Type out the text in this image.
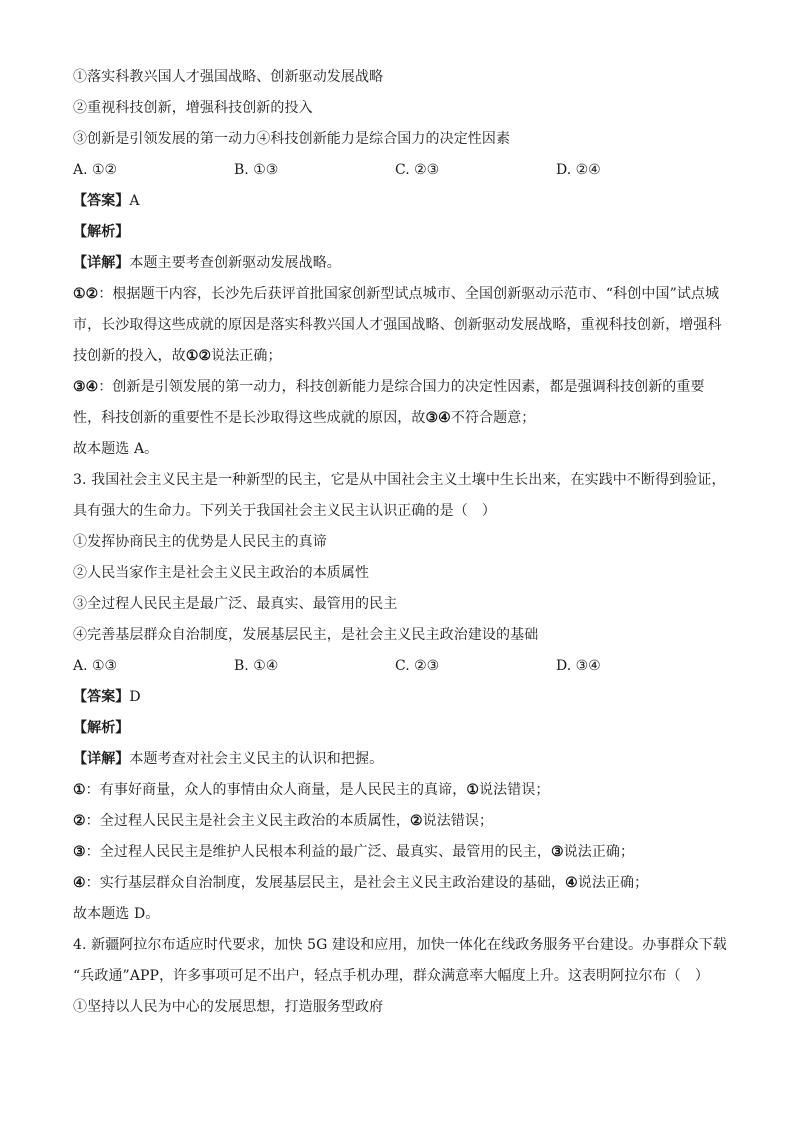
①落实科教兴国人才强国战略、创新驱动发展战略
②重视科技创新，增强科技创新的投入
③创新是引领发展的第一动力④科技创新能力是综合国力的决定性因素
A. ①②	B. ①③	C. ②③	D. ②④
【答案】A
【解析】
【详解】本题主要考查创新驱动发展战略。
①②：根据题干内容，长沙先后获评首批国家创新型试点城市、全国创新驱动示范市、“科创中国”试点城
市，长沙取得这些成就的原因是落实科教兴国人才强国战略、创新驱动发展战略，重视科技创新，增强科
技创新的投入，故①②说法正确；
③④：创新是引领发展的第一动力，科技创新能力是综合国力的决定性因素，都是强调科技创新的重要
性，科技创新的重要性不是长沙取得这些成就的原因，故③④不符合题意；
故本题选 A。
3. 我国社会主义民主是一种新型的民主，它是从中国社会主义土壤中生长出来，在实践中不断得到验证，
具有强大的生命力。下列关于我国社会主义民主认识正确的是（　）
①发挥协商民主的优势是人民民主的真谛
②人民当家作主是社会主义民主政治的本质属性
③全过程人民民主是最广泛、最真实、最管用的民主
④完善基层群众自治制度，发展基层民主，是社会主义民主政治建设的基础
A. ①③	B. ①④	C. ②③	D. ③④
【答案】D
【解析】
【详解】本题考查对社会主义民主的认识和把握。
①：有事好商量，众人的事情由众人商量，是人民民主的真谛，①说法错误；
②：全过程人民民主是社会主义民主政治的本质属性，②说法错误；
③：全过程人民民主是维护人民根本利益的最广泛、最真实、最管用的民主，③说法正确；
④：实行基层群众自治制度，发展基层民主，是社会主义民主政治建设的基础，④说法正确；
故本题选 D。
4. 新疆阿拉尔布适应时代要求，加快 5G 建设和应用，加快一体化在线政务服务平台建设。办事群众下载
“兵政通”APP，许多事项可足不出户，轻点手机办理，群众满意率大幅度上升。这表明阿拉尔布（　）
①坚持以人民为中心的发展思想，打造服务型政府
